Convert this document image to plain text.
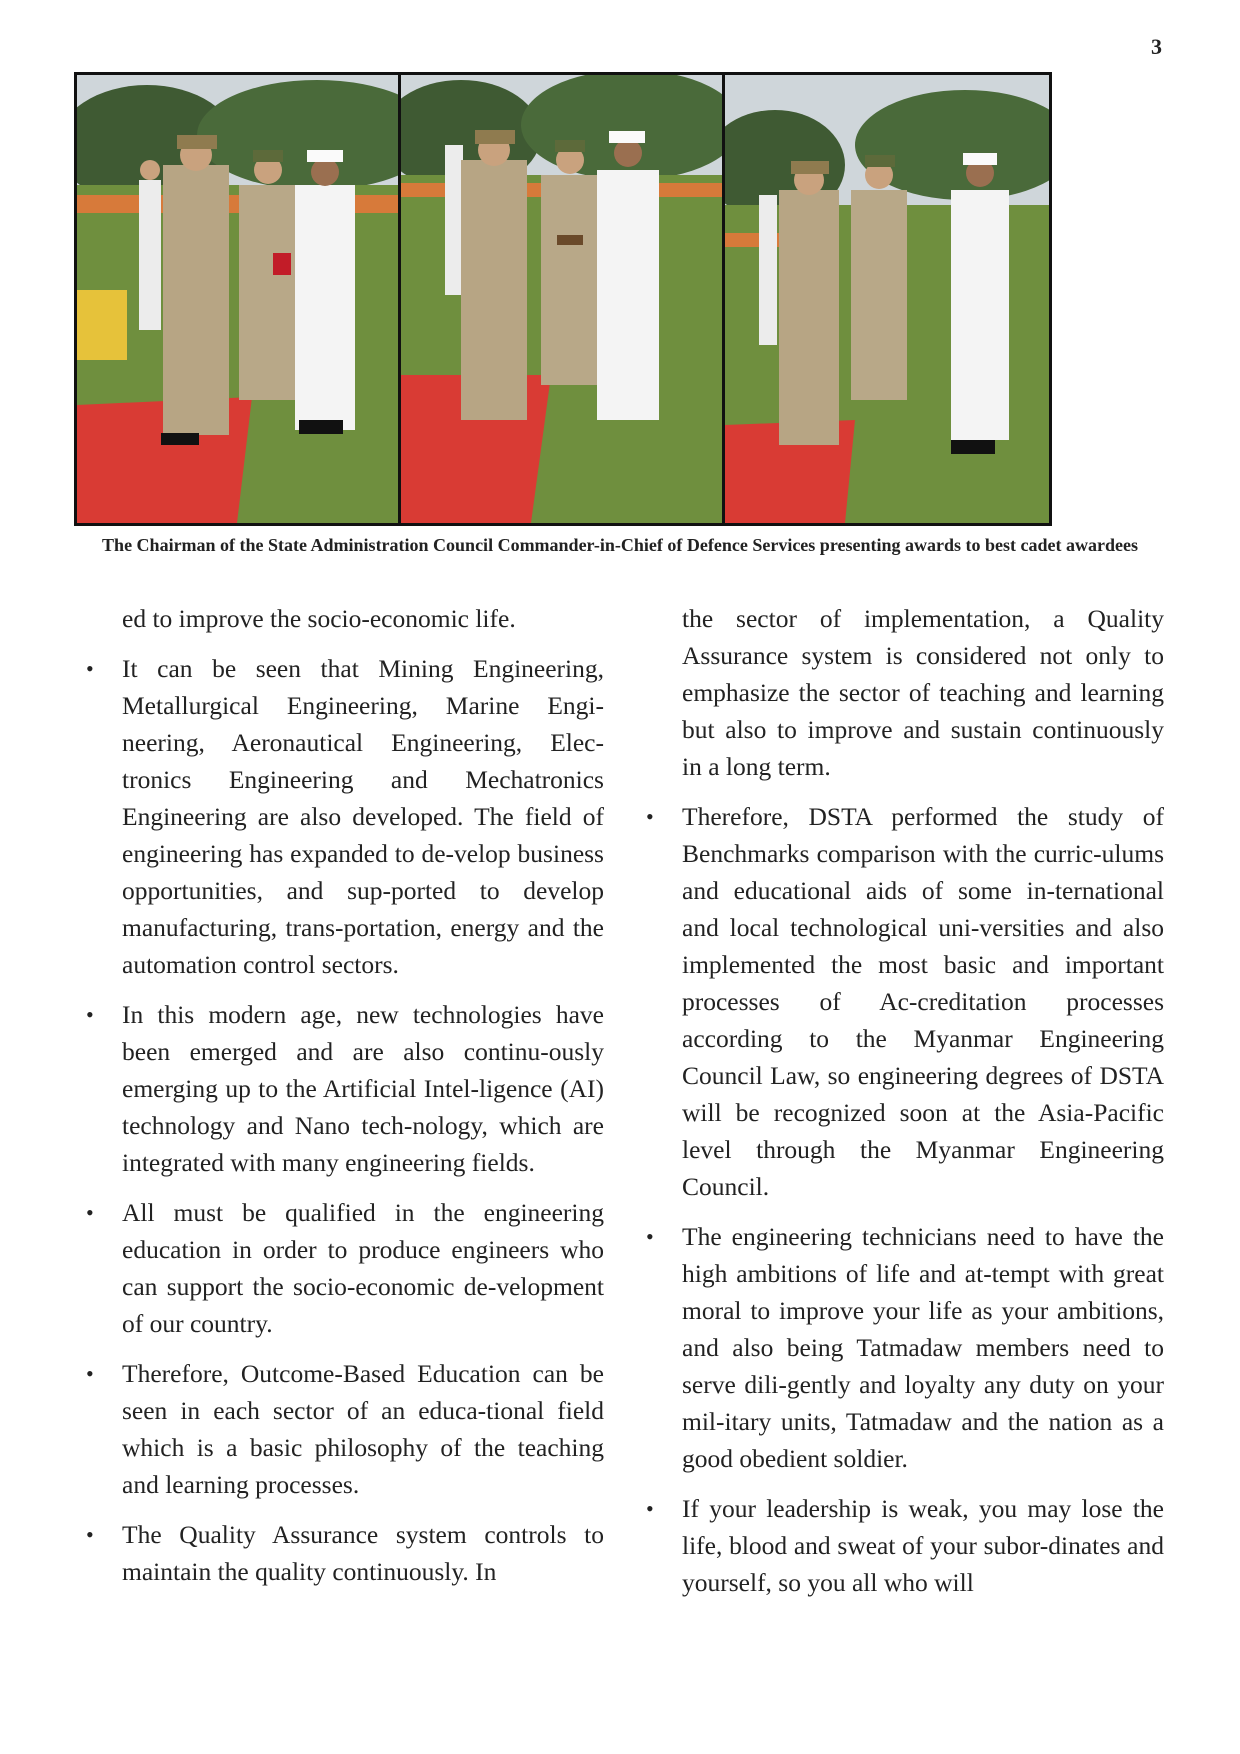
3
The Chairman of the State Administration Council Commander-in-Chief of Defence Services presenting awards to best cadet awardees

ed to improve the socio-economic life.

• It can be seen that Mining Engineering, Metallurgical Engineering, Marine Engi-neering, Aeronautical Engineering, Elec-tronics Engineering and Mechatronics Engineering are also developed. The field of engineering has expanded to de-velop business opportunities, and sup-ported to develop manufacturing, trans-portation, energy and the automation control sectors.
• In this modern age, new technologies have been emerged and are also continu-ously emerging up to the Artificial Intel-ligence (AI) technology and Nano tech-nology, which are integrated with many engineering fields.
• All must be qualified in the engineering education in order to produce engineers who can support the socio-economic de-velopment of our country.
• Therefore, Outcome-Based Education can be seen in each sector of an educa-tional field which is a basic philosophy of the teaching and learning processes.
• The Quality Assurance system controls to maintain the quality continuously. In

the sector of implementation, a Quality Assurance system is considered not only to emphasize the sector of teaching and learning but also to improve and sustain continuously in a long term.

• Therefore, DSTA performed the study of Benchmarks comparison with the curric-ulums and educational aids of some in-ternational and local technological uni-versities and also implemented the most basic and important processes of Ac-creditation processes according to the Myanmar Engineering Council Law, so engineering degrees of DSTA will be recognized soon at the Asia-Pacific level through the Myanmar Engineering Council.
• The engineering technicians need to have the high ambitions of life and at-tempt with great moral to improve your life as your ambitions, and also being Tatmadaw members need to serve dili-gently and loyalty any duty on your mil-itary units, Tatmadaw and the nation as a good obedient soldier.
• If your leadership is weak, you may lose the life, blood and sweat of your subor-dinates and yourself, so you all who will
